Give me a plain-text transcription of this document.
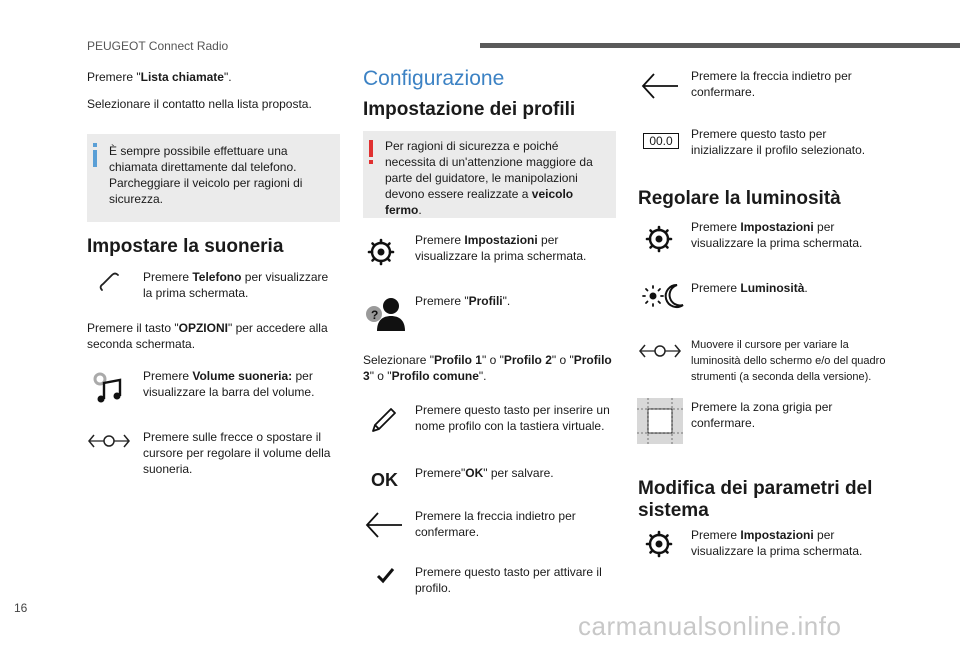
PEUGEOT Connect Radio
Premere "Lista chiamate".
Selezionare il contatto nella lista proposta.
È sempre possibile effettuare una
chiamata direttamente dal telefono.
Parcheggiare il veicolo per ragioni di
sicurezza.
Impostare la suoneria
Premere Telefono per visualizzare
la prima schermata.
Premere il tasto "OPZIONI" per accedere alla
seconda schermata.
Premere Volume suoneria: per
visualizzare la barra del volume.
Premere sulle frecce o spostare il
cursore per regolare il volume della
suoneria.
Configurazione
Impostazione dei profili
Per ragioni di sicurezza e poiché
necessita di un'attenzione maggiore da
parte del guidatore, le manipolazioni
devono essere realizzate a veicolo
fermo.
Premere Impostazioni per
visualizzare la prima schermata.
?
Premere "Profili".
Selezionare "Profilo 1" o "Profilo 2" o "Profilo
3" o "Profilo comune".
Premere questo tasto per inserire un
nome profilo con la tastiera virtuale.
OK Premere"OK" per salvare.
Premere la freccia indietro per
confermare.
Premere questo tasto per attivare il
profilo.
Premere la freccia indietro per
confermare.
00.0	Premere questo tasto per
inizializzare il profilo selezionato.
Regolare la luminosità
Premere Impostazioni per
visualizzare la prima schermata.
Premere Luminosità.
Muovere il cursore per variare la
luminosità dello schermo e/o del quadro
strumenti (a seconda della versione).
Premere la zona grigia per
confermare.
Modifica dei parametri del
sistema
Premere Impostazioni per
visualizzare la prima schermata.
16
carmanualsonline.info
